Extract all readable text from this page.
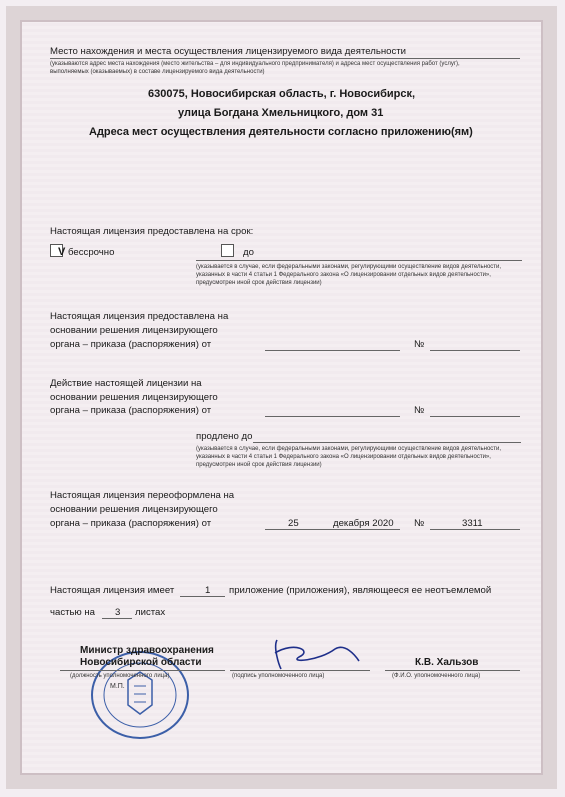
Место нахождения и места осуществления лицензируемого вида деятельности
(указываются адрес места нахождения (место жительства – для индивидуального предпринимателя) и адреса мест осуществления работ (услуг),
выполняемых (оказываемых) в составе лицензируемого вида деятельности)
630075, Новосибирская область, г. Новосибирск,
улица Богдана Хмельницкого, дом 31
Адреса мест осуществления деятельности согласно приложению(ям)
Настоящая лицензия предоставлена на срок:
V бессрочно	до
(указывается в случае, если федеральными законами, регулирующими осуществление видов деятельности,
указанных в части 4 статьи 1 Федерального закона «О лицензировании отдельных видов деятельности»,
предусмотрен иной срок действия лицензии)
Настоящая лицензия предоставлена на
основании решения лицензирующего
органа – приказа (распоряжения) от	№
Действие настоящей лицензии на
основании решения лицензирующего
органа – приказа (распоряжения) от	№
продлено до
(указывается в случае, если федеральными законами, регулирующими осуществление видов деятельности,
указанных в части 4 статьи 1 Федерального закона «О лицензировании отдельных видов деятельности»,
предусмотрен иной срок действия лицензии)
Настоящая лицензия переоформлена на
основании решения лицензирующего
органа – приказа (распоряжения) от	25	декабря 2020 №	3311
Настоящая лицензия имеет	1 приложение (приложения), являющееся ее неотъемлемой
частью на 3 листах
Министр здравоохранения
Новосибирской области
(должность уполномоченного лица)	(подпись уполномоченного лица)
К.В. Хальзов
(Ф.И.О. уполномоченного лица)
М.П.
